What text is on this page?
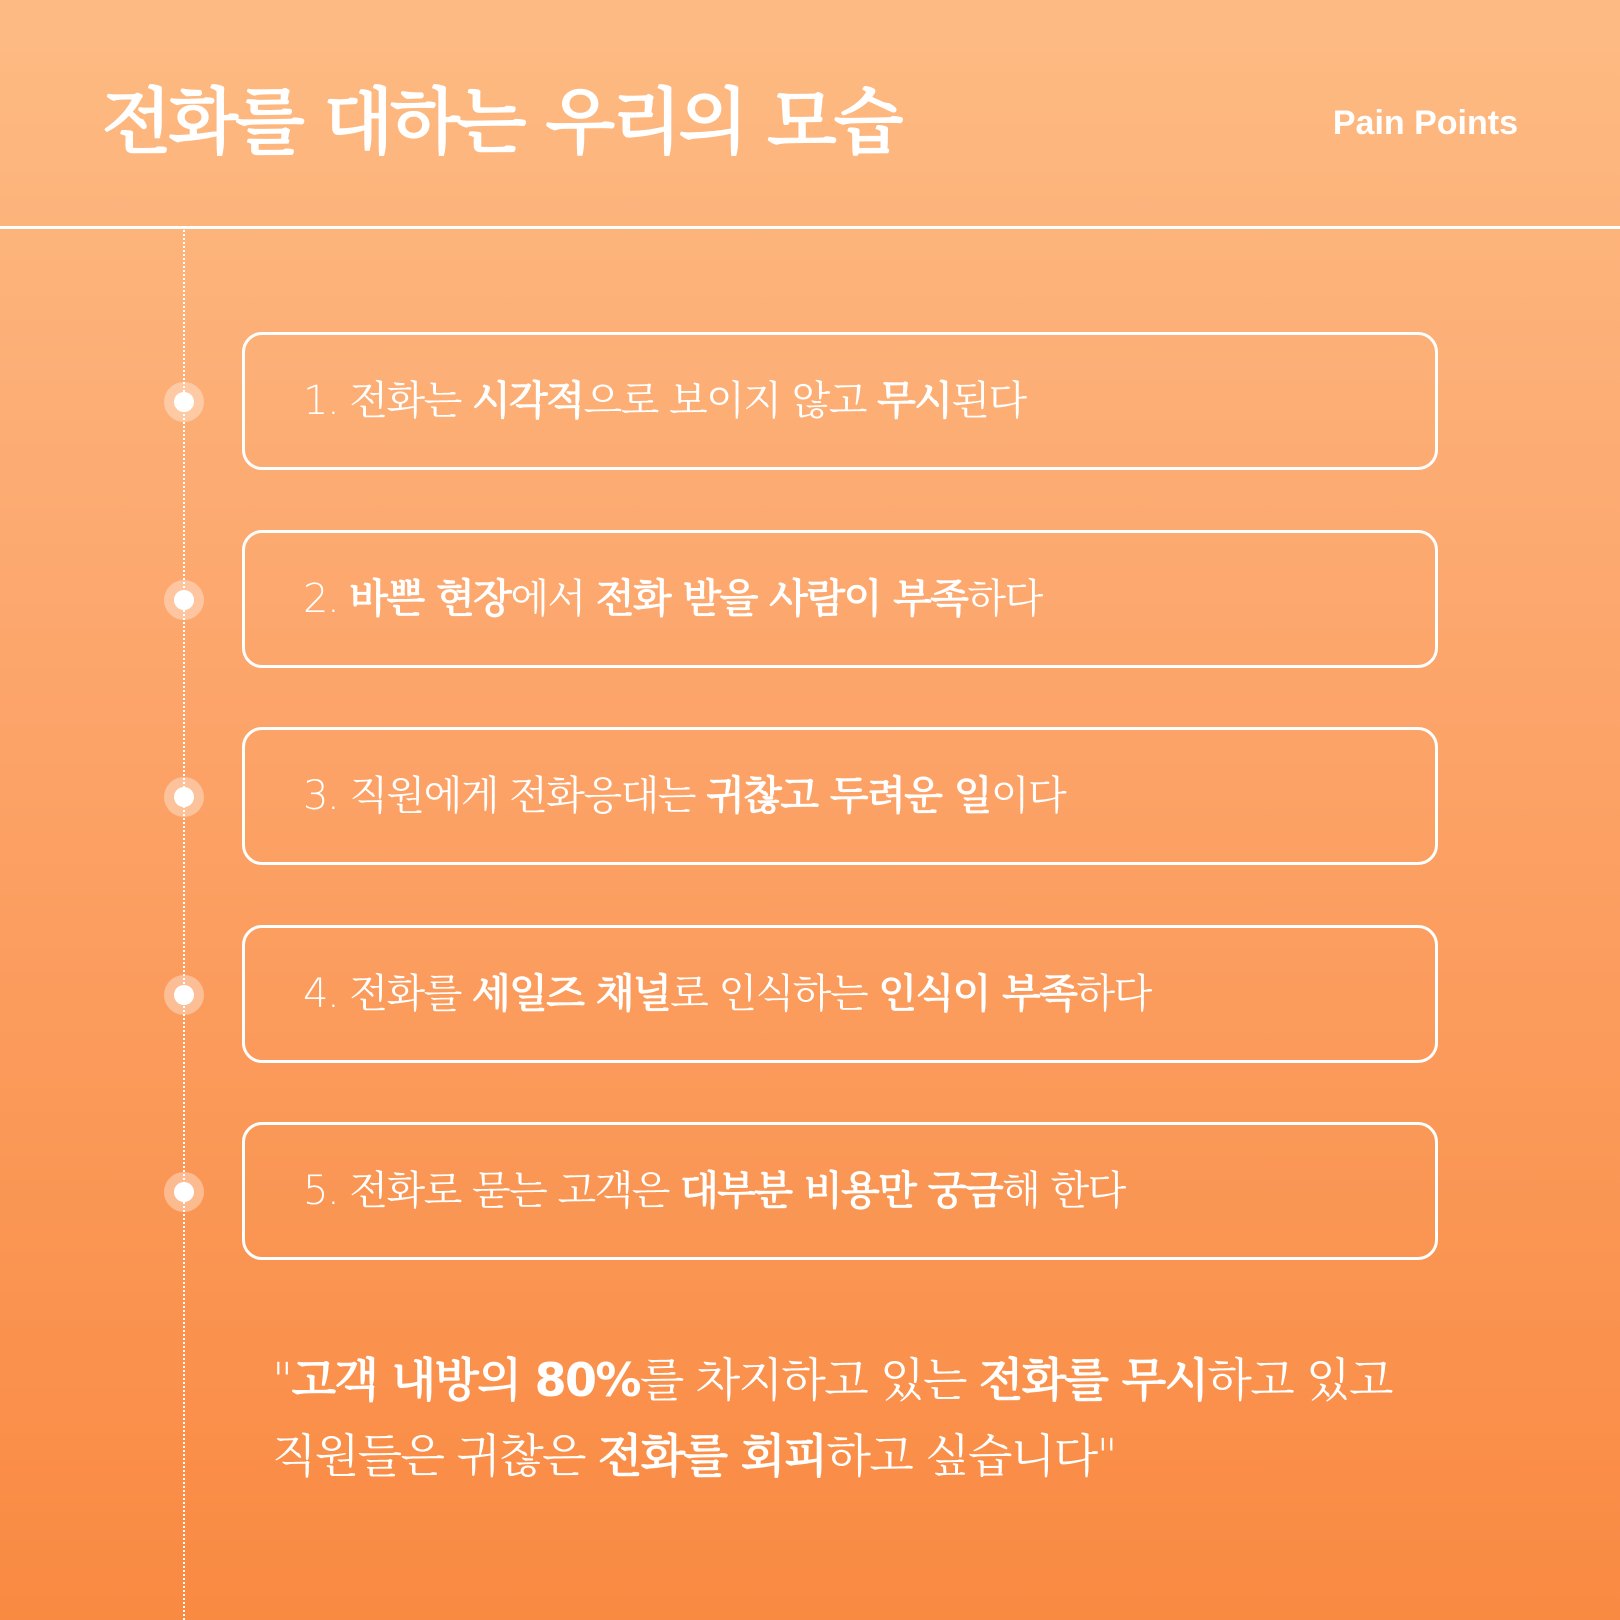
전화를 대하는 우리의 모습	Pain Points
1. 전화는 시각적으로 보이지 않고 무시된다
2. 바쁜 현장에서 전화 받을 사람이 부족하다
3. 직원에게 전화응대는 귀찮고 두려운 일이다
4. 전화를 세일즈 채널로 인식하는 인식이 부족하다
5. 전화로 묻는 고객은 대부분 비용만 궁금해 한다
"고객 내방의 80%를 차지하고 있는 전화를 무시하고 있고
직원들은 귀찮은 전화를 회피하고 싶습니다"
